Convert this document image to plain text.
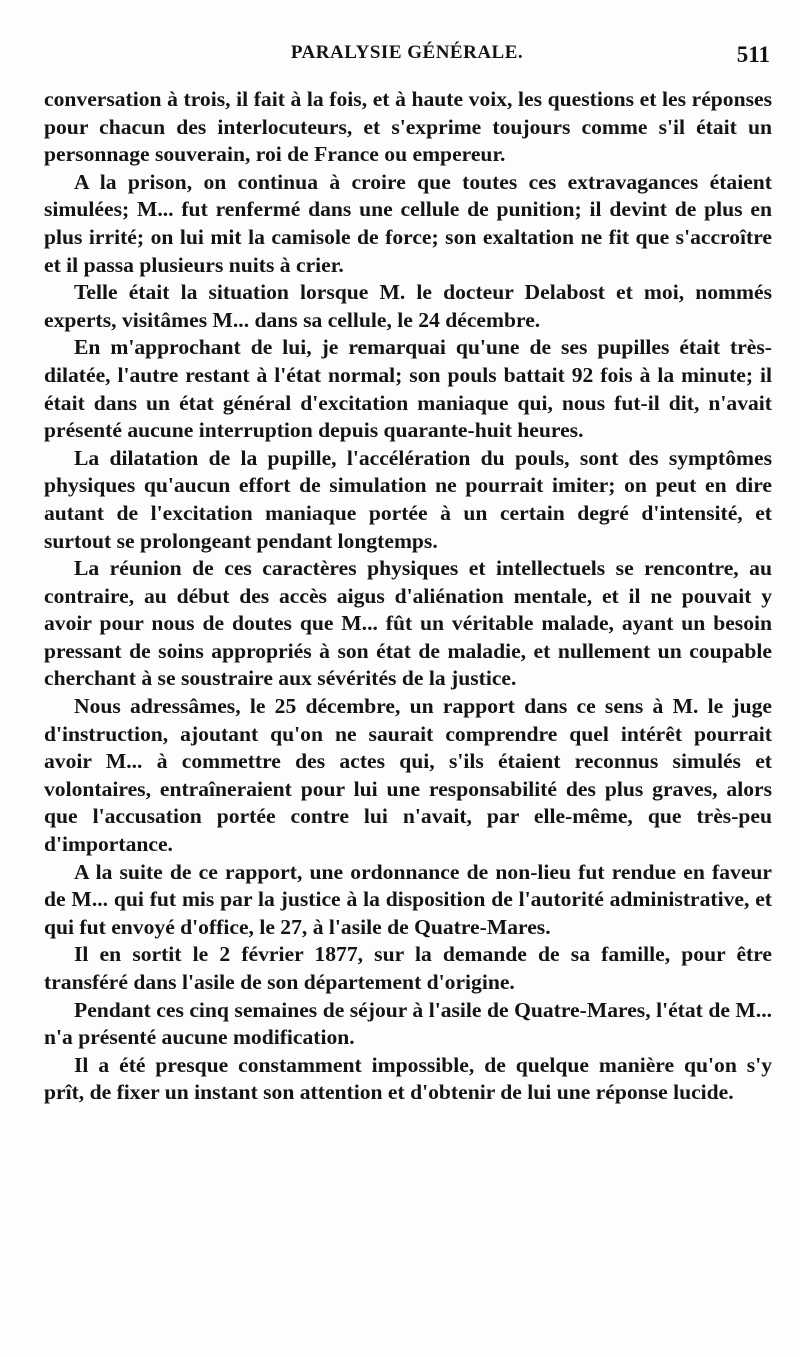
PARALYSIE GÉNÉRALE.	511

conversation à trois, il fait à la fois, et à haute voix, les questions et les réponses pour chacun des interlocuteurs, et s'exprime toujours comme s'il était un personnage souverain, roi de France ou empereur.

A la prison, on continua à croire que toutes ces extravagances étaient simulées; M... fut renfermé dans une cellule de punition; il devint de plus en plus irrité; on lui mit la camisole de force; son exaltation ne fit que s'accroître et il passa plusieurs nuits à crier.

Telle était la situation lorsque M. le docteur Delabost et moi, nommés experts, visitâmes M... dans sa cellule, le 24 décembre.

En m'approchant de lui, je remarquai qu'une de ses pupilles était très-dilatée, l'autre restant à l'état normal; son pouls battait 92 fois à la minute; il était dans un état général d'excitation maniaque qui, nous fut-il dit, n'avait présenté aucune interruption depuis quarante-huit heures.

La dilatation de la pupille, l'accélération du pouls, sont des symptômes physiques qu'aucun effort de simulation ne pourrait imiter; on peut en dire autant de l'excitation maniaque portée à un certain degré d'intensité, et surtout se prolongeant pendant longtemps.

La réunion de ces caractères physiques et intellectuels se rencontre, au contraire, au début des accès aigus d'aliénation mentale, et il ne pouvait y avoir pour nous de doutes que M... fût un véritable malade, ayant un besoin pressant de soins appropriés à son état de maladie, et nullement un coupable cherchant à se soustraire aux sévérités de la justice.

Nous adressâmes, le 25 décembre, un rapport dans ce sens à M. le juge d'instruction, ajoutant qu'on ne saurait comprendre quel intérêt pourrait avoir M... à commettre des actes qui, s'ils étaient reconnus simulés et volontaires, entraîneraient pour lui une responsabilité des plus graves, alors que l'accusation portée contre lui n'avait, par elle-même, que très-peu d'importance.

A la suite de ce rapport, une ordonnance de non-lieu fut rendue en faveur de M... qui fut mis par la justice à la disposition de l'autorité administrative, et qui fut envoyé d'office, le 27, à l'asile de Quatre-Mares.

Il en sortit le 2 février 1877, sur la demande de sa famille, pour être transféré dans l'asile de son département d'origine.

Pendant ces cinq semaines de séjour à l'asile de Quatre-Mares, l'état de M... n'a présenté aucune modification.

Il a été presque constamment impossible, de quelque manière qu'on s'y prît, de fixer un instant son attention et d'obtenir de lui une réponse lucide.
